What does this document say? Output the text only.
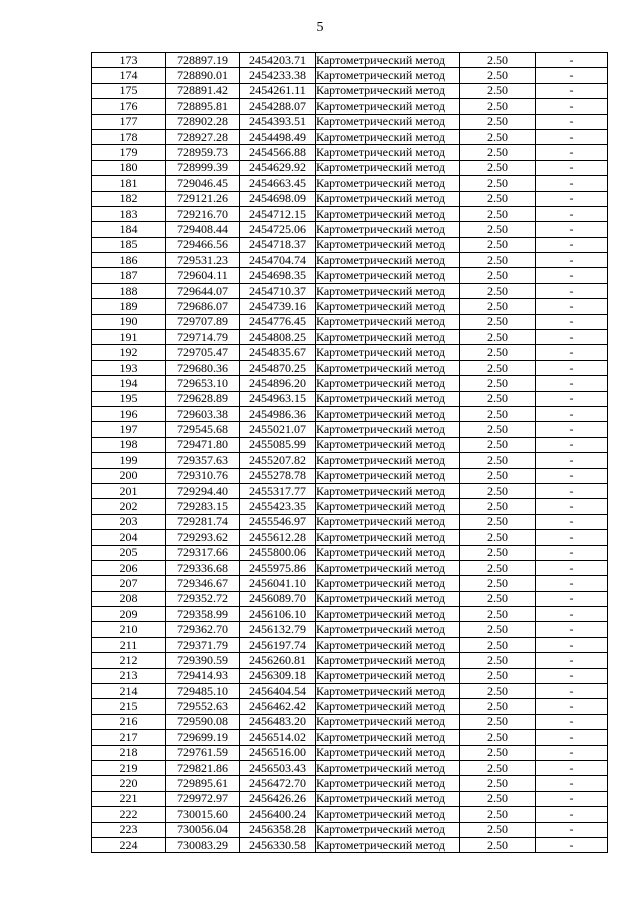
5
173	728897.19	2454203.71	Картометрический метод	2.50	-
174	728890.01	2454233.38	Картометрический метод	2.50	-
175	728891.42	2454261.11	Картометрический метод	2.50	-
176	728895.81	2454288.07	Картометрический метод	2.50	-
177	728902.28	2454393.51	Картометрический метод	2.50	-
178	728927.28	2454498.49	Картометрический метод	2.50	-
179	728959.73	2454566.88	Картометрический метод	2.50	-
180	728999.39	2454629.92	Картометрический метод	2.50	-
181	729046.45	2454663.45	Картометрический метод	2.50	-
182	729121.26	2454698.09	Картометрический метод	2.50	-
183	729216.70	2454712.15	Картометрический метод	2.50	-
184	729408.44	2454725.06	Картометрический метод	2.50	-
185	729466.56	2454718.37	Картометрический метод	2.50	-
186	729531.23	2454704.74	Картометрический метод	2.50	-
187	729604.11	2454698.35	Картометрический метод	2.50	-
188	729644.07	2454710.37	Картометрический метод	2.50	-
189	729686.07	2454739.16	Картометрический метод	2.50	-
190	729707.89	2454776.45	Картометрический метод	2.50	-
191	729714.79	2454808.25	Картометрический метод	2.50	-
192	729705.47	2454835.67	Картометрический метод	2.50	-
193	729680.36	2454870.25	Картометрический метод	2.50	-
194	729653.10	2454896.20	Картометрический метод	2.50	-
195	729628.89	2454963.15	Картометрический метод	2.50	-
196	729603.38	2454986.36	Картометрический метод	2.50	-
197	729545.68	2455021.07	Картометрический метод	2.50	-
198	729471.80	2455085.99	Картометрический метод	2.50	-
199	729357.63	2455207.82	Картометрический метод	2.50	-
200	729310.76	2455278.78	Картометрический метод	2.50	-
201	729294.40	2455317.77	Картометрический метод	2.50	-
202	729283.15	2455423.35	Картометрический метод	2.50	-
203	729281.74	2455546.97	Картометрический метод	2.50	-
204	729293.62	2455612.28	Картометрический метод	2.50	-
205	729317.66	2455800.06	Картометрический метод	2.50	-
206	729336.68	2455975.86	Картометрический метод	2.50	-
207	729346.67	2456041.10	Картометрический метод	2.50	-
208	729352.72	2456089.70	Картометрический метод	2.50	-
209	729358.99	2456106.10	Картометрический метод	2.50	-
210	729362.70	2456132.79	Картометрический метод	2.50	-
211	729371.79	2456197.74	Картометрический метод	2.50	-
212	729390.59	2456260.81	Картометрический метод	2.50	-
213	729414.93	2456309.18	Картометрический метод	2.50	-
214	729485.10	2456404.54	Картометрический метод	2.50	-
215	729552.63	2456462.42	Картометрический метод	2.50	-
216	729590.08	2456483.20	Картометрический метод	2.50	-
217	729699.19	2456514.02	Картометрический метод	2.50	-
218	729761.59	2456516.00	Картометрический метод	2.50	-
219	729821.86	2456503.43	Картометрический метод	2.50	-
220	729895.61	2456472.70	Картометрический метод	2.50	-
221	729972.97	2456426.26	Картометрический метод	2.50	-
222	730015.60	2456400.24	Картометрический метод	2.50	-
223	730056.04	2456358.28	Картометрический метод	2.50	-
224	730083.29	2456330.58	Картометрический метод	2.50	-
